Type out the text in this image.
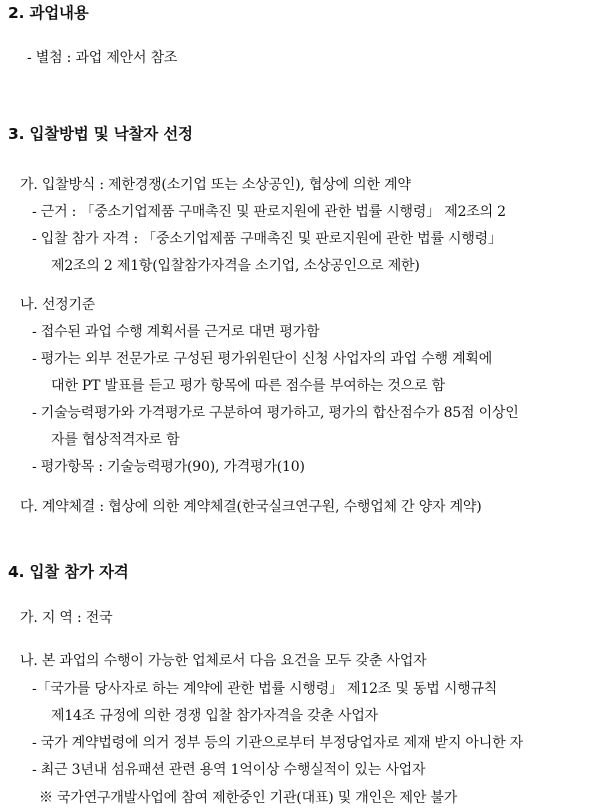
2. 과업내용
- 별첨 : 과업 제안서 참조
3. 입찰방법 및 낙찰자 선정
가. 입찰방식 : 제한경쟁(소기업 또는 소상공인), 협상에 의한 계약
- 근거 : 「중소기업제품 구매촉진 및 판로지원에 관한 법률 시행령」 제2조의 2
- 입찰 참가 자격 : 「중소기업제품 구매촉진 및 판로지원에 관한 법률 시행령」
제2조의 2 제1항(입찰참가자격을 소기업, 소상공인으로 제한)
나. 선정기준
- 접수된 과업 수행 계획서를 근거로 대면 평가함
- 평가는 외부 전문가로 구성된 평가위원단이 신청 사업자의 과업 수행 계획에
대한 PT 발표를 듣고 평가 항목에 따른 점수를 부여하는 것으로 함
- 기술능력평가와 가격평가로 구분하여 평가하고, 평가의 합산점수가 85점 이상인
자를 협상적격자로 함
- 평가항목 : 기술능력평가(90), 가격평가(10)
다. 계약체결 : 협상에 의한 계약체결(한국실크연구원, 수행업체 간 양자 계약)
4. 입찰 참가 자격
가. 지 역 : 전국
나. 본 과업의 수행이 가능한 업체로서 다음 요건을 모두 갖춘 사업자
-「국가를 당사자로 하는 계약에 관한 법률 시행령」 제12조 및 동법 시행규칙
제14조 규정에 의한 경쟁 입찰 참가자격을 갖춘 사업자
- 국가 계약법령에 의거 정부 등의 기관으로부터 부정당업자로 제재 받지 아니한 자
- 최근 3년내 섬유패션 관련 용역 1억이상 수행실적이 있는 사업자
※ 국가연구개발사업에 참여 제한중인 기관(대표) 및 개인은 제안 불가
